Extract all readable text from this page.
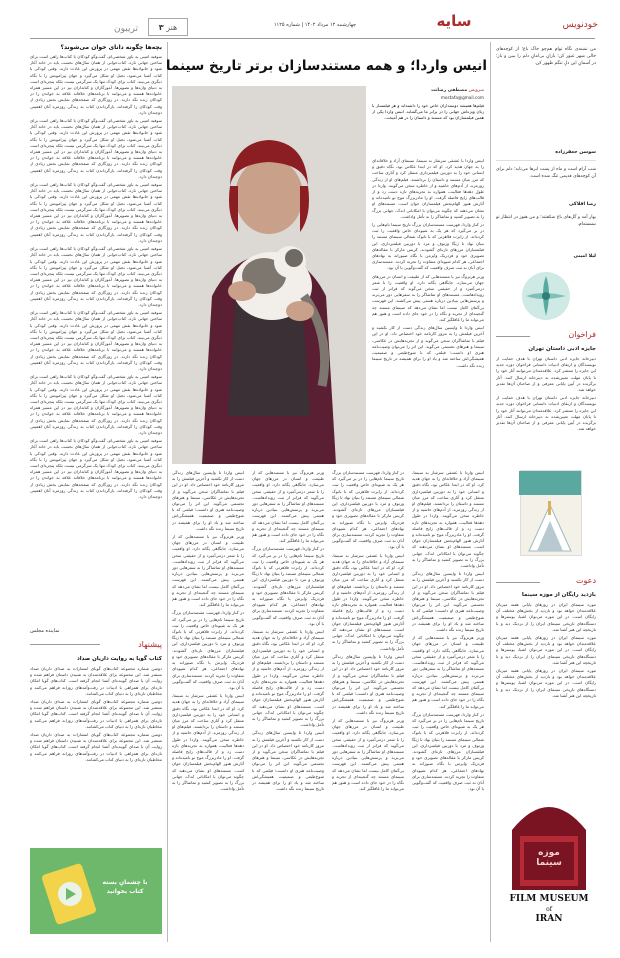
تریبون	هنر ۳	چهارشنبه ۱۲ مرداد ۱۴۰۲ | شماره ۱۱۲۵	سایه	خودنویس
بچه‌ها چگونه دانای خوان می‌شوند؟

سوفیه امینی به باور شخصی‌ام، گفت‌وگو کودکان با کتاب‌ها راهی است برای ساختن جهانی تازه. کتاب‌خوانی از همان سال‌های نخست باید در خانه آغاز شود و خانواده‌ها نقش مهمی در پرورش این عادت دارند. وقتی کودکی با کتاب آشنا می‌شود، تخیل او شکل می‌گیرد و جهان پیرامونش را با نگاه دیگری می‌بیند. کتاب برای کودک تنها یک سرگرمی نیست بلکه پنجره‌ای است به دنیای واژه‌ها و تصویرها. آموزگاران و کتابداران نیز در این مسیر همراه خانواده‌ها هستند و می‌توانند با برنامه‌های خلاقانه علاقه به خواندن را در کودکان زنده نگه دارند. در روزگاری که صفحه‌های نمایش بخش زیادی از وقت کودکان را گرفته‌اند، بازگرداندن کتاب به زندگی روزمره آنان اهمیتی دوچندان دارد.

سوفیه امینی به باور شخصی‌ام، گفت‌وگو کودکان با کتاب‌ها راهی است برای ساختن جهانی تازه. کتاب‌خوانی از همان سال‌های نخست باید در خانه آغاز شود و خانواده‌ها نقش مهمی در پرورش این عادت دارند. وقتی کودکی با کتاب آشنا می‌شود، تخیل او شکل می‌گیرد و جهان پیرامونش را با نگاه دیگری می‌بیند. کتاب برای کودک تنها یک سرگرمی نیست بلکه پنجره‌ای است به دنیای واژه‌ها و تصویرها. آموزگاران و کتابداران نیز در این مسیر همراه خانواده‌ها هستند و می‌توانند با برنامه‌های خلاقانه علاقه به خواندن را در کودکان زنده نگه دارند. در روزگاری که صفحه‌های نمایش بخش زیادی از وقت کودکان را گرفته‌اند، بازگرداندن کتاب به زندگی روزمره آنان اهمیتی دوچندان دارد.

سوفیه امینی به باور شخصی‌ام، گفت‌وگو کودکان با کتاب‌ها راهی است برای ساختن جهانی تازه. کتاب‌خوانی از همان سال‌های نخست باید در خانه آغاز شود و خانواده‌ها نقش مهمی در پرورش این عادت دارند. وقتی کودکی با کتاب آشنا می‌شود، تخیل او شکل می‌گیرد و جهان پیرامونش را با نگاه دیگری می‌بیند. کتاب برای کودک تنها یک سرگرمی نیست بلکه پنجره‌ای است به دنیای واژه‌ها و تصویرها. آموزگاران و کتابداران نیز در این مسیر همراه خانواده‌ها هستند و می‌توانند با برنامه‌های خلاقانه علاقه به خواندن را در کودکان زنده نگه دارند. در روزگاری که صفحه‌های نمایش بخش زیادی از وقت کودکان را گرفته‌اند، بازگرداندن کتاب به زندگی روزمره آنان اهمیتی دوچندان دارد.

سوفیه امینی به باور شخصی‌ام، گفت‌وگو کودکان با کتاب‌ها راهی است برای ساختن جهانی تازه. کتاب‌خوانی از همان سال‌های نخست باید در خانه آغاز شود و خانواده‌ها نقش مهمی در پرورش این عادت دارند. وقتی کودکی با کتاب آشنا می‌شود، تخیل او شکل می‌گیرد و جهان پیرامونش را با نگاه دیگری می‌بیند. کتاب برای کودک تنها یک سرگرمی نیست بلکه پنجره‌ای است به دنیای واژه‌ها و تصویرها. آموزگاران و کتابداران نیز در این مسیر همراه خانواده‌ها هستند و می‌توانند با برنامه‌های خلاقانه علاقه به خواندن را در کودکان زنده نگه دارند. در روزگاری که صفحه‌های نمایش بخش زیادی از وقت کودکان را گرفته‌اند، بازگرداندن کتاب به زندگی روزمره آنان اهمیتی دوچندان دارد.

سوفیه امینی به باور شخصی‌ام، گفت‌وگو کودکان با کتاب‌ها راهی است برای ساختن جهانی تازه. کتاب‌خوانی از همان سال‌های نخست باید در خانه آغاز شود و خانواده‌ها نقش مهمی در پرورش این عادت دارند. وقتی کودکی با کتاب آشنا می‌شود، تخیل او شکل می‌گیرد و جهان پیرامونش را با نگاه دیگری می‌بیند. کتاب برای کودک تنها یک سرگرمی نیست بلکه پنجره‌ای است به دنیای واژه‌ها و تصویرها. آموزگاران و کتابداران نیز در این مسیر همراه خانواده‌ها هستند و می‌توانند با برنامه‌های خلاقانه علاقه به خواندن را در کودکان زنده نگه دارند. در روزگاری که صفحه‌های نمایش بخش زیادی از وقت کودکان را گرفته‌اند، بازگرداندن کتاب به زندگی روزمره آنان اهمیتی دوچندان دارد.

سوفیه امینی به باور شخصی‌ام، گفت‌وگو کودکان با کتاب‌ها راهی است برای ساختن جهانی تازه. کتاب‌خوانی از همان سال‌های نخست باید در خانه آغاز شود و خانواده‌ها نقش مهمی در پرورش این عادت دارند. وقتی کودکی با کتاب آشنا می‌شود، تخیل او شکل می‌گیرد و جهان پیرامونش را با نگاه دیگری می‌بیند. کتاب برای کودک تنها یک سرگرمی نیست بلکه پنجره‌ای است به دنیای واژه‌ها و تصویرها. آموزگاران و کتابداران نیز در این مسیر همراه خانواده‌ها هستند و می‌توانند با برنامه‌های خلاقانه علاقه به خواندن را در کودکان زنده نگه دارند. در روزگاری که صفحه‌های نمایش بخش زیادی از وقت کودکان را گرفته‌اند، بازگرداندن کتاب به زندگی روزمره آنان اهمیتی دوچندان دارد.

سوفیه امینی به باور شخصی‌ام، گفت‌وگو کودکان با کتاب‌ها راهی است برای ساختن جهانی تازه. کتاب‌خوانی از همان سال‌های نخست باید در خانه آغاز شود و خانواده‌ها نقش مهمی در پرورش این عادت دارند. وقتی کودکی با کتاب آشنا می‌شود، تخیل او شکل می‌گیرد و جهان پیرامونش را با نگاه دیگری می‌بیند. کتاب برای کودک تنها یک سرگرمی نیست بلکه پنجره‌ای است به دنیای واژه‌ها و تصویرها. آموزگاران و کتابداران نیز در این مسیر همراه خانواده‌ها هستند و می‌توانند با برنامه‌های خلاقانه علاقه به خواندن را در کودکان زنده نگه دارند. در روزگاری که صفحه‌های نمایش بخش زیادی از وقت کودکان را گرفته‌اند، بازگرداندن کتاب به زندگی روزمره آنان اهمیتی دوچندان دارد.

نماینده مجلس
پیشنهاد
کتاب گویا به روایت داریان صداد

دومین شماره مجموعه کتاب‌های گویای انتشارات به صدای داریان صداد منتشر شد. این مجموعه برای علاقه‌مندان به شنیدن داستان فراهم شده و روایت آن با صدای گوینده‌ای آشنا انجام گرفته است. کتاب‌های گویا امکان تازه‌ای برای همراهی با ادبیات در رفت‌وآمدهای روزانه فراهم می‌کنند و مخاطبان تازه‌ای را به دنیای کتاب می‌کشانند.

دومین شماره مجموعه کتاب‌های گویای انتشارات به صدای داریان صداد منتشر شد. این مجموعه برای علاقه‌مندان به شنیدن داستان فراهم شده و روایت آن با صدای گوینده‌ای آشنا انجام گرفته است. کتاب‌های گویا امکان تازه‌ای برای همراهی با ادبیات در رفت‌وآمدهای روزانه فراهم می‌کنند و مخاطبان تازه‌ای را به دنیای کتاب می‌کشانند.

دومین شماره مجموعه کتاب‌های گویای انتشارات به صدای داریان صداد منتشر شد. این مجموعه برای علاقه‌مندان به شنیدن داستان فراهم شده و روایت آن با صدای گوینده‌ای آشنا انجام گرفته است. کتاب‌های گویا امکان تازه‌ای برای همراهی با ادبیات در رفت‌وآمدهای روزانه فراهم می‌کنند و مخاطبان تازه‌ای را به دنیای کتاب می‌کشانند.

با چشمانِ بسته کتاب بخوانید
انیس واردا؛ و همه مستندسازان برتر تاریخ سینما
سرویس مصطفی رضانت
mostafa@gmail.com

فیلم‌ها همیشه دوستداران خاص خود را داشته‌اند و هر فیلمساز با زبان ویژه‌اش جهانی را در برابر ما می‌گشاید. انیس واردا یکی از همین فیلمسازان بود که مستند و داستان را در هم آمیخت.

انیس واردا با عشقی سرشار به سینما، سینمای آزاد و خلاقانه‌ای را به جهان هدیه کرد. او که در ابتدا عکاس بود، نگاه دقیق و انسانی خود را به دوربین فیلمبرداری منتقل کرد و آثاری ساخت که مرز میان مستند و داستان را برداشتند. فیلم‌های او از زندگی روزمره، از آدم‌های حاشیه و از خاطره سخن می‌گویند. واردا در طول دهه‌ها فعالیت، همواره به تجربه‌های تازه دست زد و از قالب‌های رایج فاصله گرفت. او را مادربزرگ موج نو نامیده‌اند و آثارش هنوز الهام‌بخش فیلمسازان جوان است. مستندهای او نشان می‌دهند که چگونه می‌توان با امکاناتی اندک، جهانی بزرگ را به تصویر کشید و تماشاگر را به تأمل واداشت.

در کنار واردا، فهرست مستندسازان بزرگ تاریخ سینما نام‌هایی را در بر می‌گیرد که هر یک به شیوه‌ای خاص واقعیت را ثبت کرده‌اند. از رابرت فلاهرتی که با نانوک شمالی سینمای مستند را بنیان نهاد تا ژیگا ورتوف و مرد با دوربین فیلمبرداری، این فیلمسازان مرزهای تازه‌ای گشودند. کریس مارکر با مقاله‌های تصویری خود و فردریک وایزمن با نگاه صبورانه به نهادهای اجتماعی، هر کدام شیوه‌ای متفاوت را تجربه کردند. مستندسازی برای آنان نه ثبت صرف واقعیت که گفت‌وگویی با آن بود.

ورنر هرتزوگ نیز با مستندهایی که از طبیعت و انسان در مرزهای جهان می‌سازد، جایگاهی یگانه دارد. او واقعیت را با شعر درمی‌آمیزد و از حقیقتی سخن می‌گوید که فراتر از ثبت رویدادهاست. مستندهای او تماشاگر را به سفرهایی دور می‌برند و پرسش‌هایی بنیادین درباره هستی پیش می‌کشند. این فهرست بی‌گمان کامل نیست اما نشان می‌دهد که سینمای مستند چه گنجینه‌ای از تجربه و نگاه را در خود جای داده است و هنوز هم می‌تواند ما را غافلگیر کند.

انیس واردا تا واپسین سال‌های زندگی دست از کار نکشید و آخرین فیلمش را به مرور کارنامه خود اختصاص داد. او در این فیلم با تماشاگران سخن می‌گوید و از تجربه‌هایش در عکاسی، سینما و هنرهای تجسمی می‌گوید. این اثر را می‌توان وصیت‌نامه هنری او دانست؛ فیلمی که با شوخ‌طبعی و صمیمیت همیشگی‌اش ساخته شد و یاد او را برای همیشه در تاریخ سینما زنده نگه داشت.

انیس واردا تا واپسین سال‌های زندگی دست از کار نکشید و آخرین فیلمش را به مرور کارنامه خود اختصاص داد. او در این فیلم با تماشاگران سخن می‌گوید و از تجربه‌هایش در عکاسی، سینما و هنرهای تجسمی می‌گوید. این اثر را می‌توان وصیت‌نامه هنری او دانست؛ فیلمی که با شوخ‌طبعی و صمیمیت همیشگی‌اش ساخته شد و یاد او را برای همیشه در تاریخ سینما زنده نگه داشت.

ورنر هرتزوگ نیز با مستندهایی که از طبیعت و انسان در مرزهای جهان می‌سازد، جایگاهی یگانه دارد. او واقعیت را با شعر درمی‌آمیزد و از حقیقتی سخن می‌گوید که فراتر از ثبت رویدادهاست. مستندهای او تماشاگر را به سفرهایی دور می‌برند و پرسش‌هایی بنیادین درباره هستی پیش می‌کشند. این فهرست بی‌گمان کامل نیست اما نشان می‌دهد که سینمای مستند چه گنجینه‌ای از تجربه و نگاه را در خود جای داده است و هنوز هم می‌تواند ما را غافلگیر کند.

در کنار واردا، فهرست مستندسازان بزرگ تاریخ سینما نام‌هایی را در بر می‌گیرد که هر یک به شیوه‌ای خاص واقعیت را ثبت کرده‌اند. از رابرت فلاهرتی که با نانوک شمالی سینمای مستند را بنیان نهاد تا ژیگا ورتوف و مرد با دوربین فیلمبرداری، این فیلمسازان مرزهای تازه‌ای گشودند. کریس مارکر با مقاله‌های تصویری خود و فردریک وایزمن با نگاه صبورانه به نهادهای اجتماعی، هر کدام شیوه‌ای متفاوت را تجربه کردند. مستندسازی برای آنان نه ثبت صرف واقعیت که گفت‌وگویی با آن بود.

انیس واردا با عشقی سرشار به سینما، سینمای آزاد و خلاقانه‌ای را به جهان هدیه کرد. او که در ابتدا عکاس بود، نگاه دقیق و انسانی خود را به دوربین فیلمبرداری منتقل کرد و آثاری ساخت که مرز میان مستند و داستان را برداشتند. فیلم‌های او از زندگی روزمره، از آدم‌های حاشیه و از خاطره سخن می‌گویند. واردا در طول دهه‌ها فعالیت، همواره به تجربه‌های تازه دست زد و از قالب‌های رایج فاصله گرفت. او را مادربزرگ موج نو نامیده‌اند و آثارش هنوز الهام‌بخش فیلمسازان جوان است. مستندهای او نشان می‌دهند که چگونه می‌توان با امکاناتی اندک، جهانی بزرگ را به تصویر کشید و تماشاگر را به تأمل واداشت.

ورنر هرتزوگ نیز با مستندهایی که از طبیعت و انسان در مرزهای جهان می‌سازد، جایگاهی یگانه دارد. او واقعیت را با شعر درمی‌آمیزد و از حقیقتی سخن می‌گوید که فراتر از ثبت رویدادهاست. مستندهای او تماشاگر را به سفرهایی دور می‌برند و پرسش‌هایی بنیادین درباره هستی پیش می‌کشند. این فهرست بی‌گمان کامل نیست اما نشان می‌دهد که سینمای مستند چه گنجینه‌ای از تجربه و نگاه را در خود جای داده است و هنوز هم می‌تواند ما را غافلگیر کند.

در کنار واردا، فهرست مستندسازان بزرگ تاریخ سینما نام‌هایی را در بر می‌گیرد که هر یک به شیوه‌ای خاص واقعیت را ثبت کرده‌اند. از رابرت فلاهرتی که با نانوک شمالی سینمای مستند را بنیان نهاد تا ژیگا ورتوف و مرد با دوربین فیلمبرداری، این فیلمسازان مرزهای تازه‌ای گشودند. کریس مارکر با مقاله‌های تصویری خود و فردریک وایزمن با نگاه صبورانه به نهادهای اجتماعی، هر کدام شیوه‌ای متفاوت را تجربه کردند. مستندسازی برای آنان نه ثبت صرف واقعیت که گفت‌وگویی با آن بود.

انیس واردا با عشقی سرشار به سینما، سینمای آزاد و خلاقانه‌ای را به جهان هدیه کرد. او که در ابتدا عکاس بود، نگاه دقیق و انسانی خود را به دوربین فیلمبرداری منتقل کرد و آثاری ساخت که مرز میان مستند و داستان را برداشتند. فیلم‌های او از زندگی روزمره، از آدم‌های حاشیه و از خاطره سخن می‌گویند. واردا در طول دهه‌ها فعالیت، همواره به تجربه‌های تازه دست زد و از قالب‌های رایج فاصله گرفت. او را مادربزرگ موج نو نامیده‌اند و آثارش هنوز الهام‌بخش فیلمسازان جوان است. مستندهای او نشان می‌دهند که چگونه می‌توان با امکاناتی اندک، جهانی بزرگ را به تصویر کشید و تماشاگر را به تأمل واداشت.

انیس واردا تا واپسین سال‌های زندگی دست از کار نکشید و آخرین فیلمش را به مرور کارنامه خود اختصاص داد. او در این فیلم با تماشاگران سخن می‌گوید و از تجربه‌هایش در عکاسی، سینما و هنرهای تجسمی می‌گوید. این اثر را می‌توان وصیت‌نامه هنری او دانست؛ فیلمی که با شوخ‌طبعی و صمیمیت همیشگی‌اش ساخته شد و یاد او را برای همیشه در تاریخ سینما زنده نگه داشت.

در کنار واردا، فهرست مستندسازان بزرگ تاریخ سینما نام‌هایی را در بر می‌گیرد که هر یک به شیوه‌ای خاص واقعیت را ثبت کرده‌اند. از رابرت فلاهرتی که با نانوک شمالی سینمای مستند را بنیان نهاد تا ژیگا ورتوف و مرد با دوربین فیلمبرداری، این فیلمسازان مرزهای تازه‌ای گشودند. کریس مارکر با مقاله‌های تصویری خود و فردریک وایزمن با نگاه صبورانه به نهادهای اجتماعی، هر کدام شیوه‌ای متفاوت را تجربه کردند. مستندسازی برای آنان نه ثبت صرف واقعیت که گفت‌وگویی با آن بود.

انیس واردا با عشقی سرشار به سینما، سینمای آزاد و خلاقانه‌ای را به جهان هدیه کرد. او که در ابتدا عکاس بود، نگاه دقیق و انسانی خود را به دوربین فیلمبرداری منتقل کرد و آثاری ساخت که مرز میان مستند و داستان را برداشتند. فیلم‌های او از زندگی روزمره، از آدم‌های حاشیه و از خاطره سخن می‌گویند. واردا در طول دهه‌ها فعالیت، همواره به تجربه‌های تازه دست زد و از قالب‌های رایج فاصله گرفت. او را مادربزرگ موج نو نامیده‌اند و آثارش هنوز الهام‌بخش فیلمسازان جوان است. مستندهای او نشان می‌دهند که چگونه می‌توان با امکاناتی اندک، جهانی بزرگ را به تصویر کشید و تماشاگر را به تأمل واداشت.

انیس واردا تا واپسین سال‌های زندگی دست از کار نکشید و آخرین فیلمش را به مرور کارنامه خود اختصاص داد. او در این فیلم با تماشاگران سخن می‌گوید و از تجربه‌هایش در عکاسی، سینما و هنرهای تجسمی می‌گوید. این اثر را می‌توان وصیت‌نامه هنری او دانست؛ فیلمی که با شوخ‌طبعی و صمیمیت همیشگی‌اش ساخته شد و یاد او را برای همیشه در تاریخ سینما زنده نگه داشت.

ورنر هرتزوگ نیز با مستندهایی که از طبیعت و انسان در مرزهای جهان می‌سازد، جایگاهی یگانه دارد. او واقعیت را با شعر درمی‌آمیزد و از حقیقتی سخن می‌گوید که فراتر از ثبت رویدادهاست. مستندهای او تماشاگر را به سفرهایی دور می‌برند و پرسش‌هایی بنیادین درباره هستی پیش می‌کشند. این فهرست بی‌گمان کامل نیست اما نشان می‌دهد که سینمای مستند چه گنجینه‌ای از تجربه و نگاه را در خود جای داده است و هنوز هم می‌تواند ما را غافلگیر کند.

انیس واردا با عشقی سرشار به سینما، سینمای آزاد و خلاقانه‌ای را به جهان هدیه کرد. او که در ابتدا عکاس بود، نگاه دقیق و انسانی خود را به دوربین فیلمبرداری منتقل کرد و آثاری ساخت که مرز میان مستند و داستان را برداشتند. فیلم‌های او از زندگی روزمره، از آدم‌های حاشیه و از خاطره سخن می‌گویند. واردا در طول دهه‌ها فعالیت، همواره به تجربه‌های تازه دست زد و از قالب‌های رایج فاصله گرفت. او را مادربزرگ موج نو نامیده‌اند و آثارش هنوز الهام‌بخش فیلمسازان جوان است. مستندهای او نشان می‌دهند که چگونه می‌توان با امکاناتی اندک، جهانی بزرگ را به تصویر کشید و تماشاگر را به تأمل واداشت.

انیس واردا تا واپسین سال‌های زندگی دست از کار نکشید و آخرین فیلمش را به مرور کارنامه خود اختصاص داد. او در این فیلم با تماشاگران سخن می‌گوید و از تجربه‌هایش در عکاسی، سینما و هنرهای تجسمی می‌گوید. این اثر را می‌توان وصیت‌نامه هنری او دانست؛ فیلمی که با شوخ‌طبعی و صمیمیت همیشگی‌اش ساخته شد و یاد او را برای همیشه در تاریخ سینما زنده نگه داشت.

ورنر هرتزوگ نیز با مستندهایی که از طبیعت و انسان در مرزهای جهان می‌سازد، جایگاهی یگانه دارد. او واقعیت را با شعر درمی‌آمیزد و از حقیقتی سخن می‌گوید که فراتر از ثبت رویدادهاست. مستندهای او تماشاگر را به سفرهایی دور می‌برند و پرسش‌هایی بنیادین درباره هستی پیش می‌کشند. این فهرست بی‌گمان کامل نیست اما نشان می‌دهد که سینمای مستند چه گنجینه‌ای از تجربه و نگاه را در خود جای داده است و هنوز هم می‌تواند ما را غافلگیر کند.

در کنار واردا، فهرست مستندسازان بزرگ تاریخ سینما نام‌هایی را در بر می‌گیرد که هر یک به شیوه‌ای خاص واقعیت را ثبت کرده‌اند. از رابرت فلاهرتی که با نانوک شمالی سینمای مستند را بنیان نهاد تا ژیگا ورتوف و مرد با دوربین فیلمبرداری، این فیلمسازان مرزهای تازه‌ای گشودند. کریس مارکر با مقاله‌های تصویری خود و فردریک وایزمن با نگاه صبورانه به نهادهای اجتماعی، هر کدام شیوه‌ای متفاوت را تجربه کردند. مستندسازی برای آنان نه ثبت صرف واقعیت که گفت‌وگویی با آن بود.

من تشنه‌ی نگاه توام هم‌چو خاک باغ؛ از کوچه‌های خالی شهر عبور کن؛ بارانِ بی‌امانِ دلم را ببین و باز؛ در آسمانِ این دلِ تنگم ظهور کن.

سوسن جعفرزاده

شب آرام است و ماه از پشت ابرها می‌تابد؛ دلم برای آن کوچه‌های قدیمی تنگ شده است.

رضا افلاکی

بهار آمد و گل‌های باغ شکفتند؛ و من هنوز در انتظار تو نشسته‌ام.

لیلا امینی
فراخوان
جایزه ادبی داستان تهران

دبیرخانه جایزه ادبی داستان تهران با هدف حمایت از نویسندگان و ارتقای ادبیات داستانی فراخوان دوره جدید این جایزه را منتشر کرد. علاقه‌مندان می‌توانند آثار خود را تا پایان مهلت تعیین‌شده به دبیرخانه ارسال کنند. آثار برگزیده در آیین پایانی معرفی و از صاحبان آن‌ها تقدیر خواهد شد.

دبیرخانه جایزه ادبی داستان تهران با هدف حمایت از نویسندگان و ارتقای ادبیات داستانی فراخوان دوره جدید این جایزه را منتشر کرد. علاقه‌مندان می‌توانند آثار خود را تا پایان مهلت تعیین‌شده به دبیرخانه ارسال کنند. آثار برگزیده در آیین پایانی معرفی و از صاحبان آن‌ها تقدیر خواهد شد.

دعوت
بازدید رایگان از موزه سینما

موزه سینمای ایران در روزهای پایانی هفته میزبان علاقه‌مندان خواهد بود و بازدید از بخش‌های مختلف آن رایگان است. در این موزه می‌توان اشیا، پوسترها و دستگاه‌های تاریخی سینمای ایران را از نزدیک دید و با تاریخچه این هنر آشنا شد.

موزه سینمای ایران در روزهای پایانی هفته میزبان علاقه‌مندان خواهد بود و بازدید از بخش‌های مختلف آن رایگان است. در این موزه می‌توان اشیا، پوسترها و دستگاه‌های تاریخی سینمای ایران را از نزدیک دید و با تاریخچه این هنر آشنا شد.

موزه سینمای ایران در روزهای پایانی هفته میزبان علاقه‌مندان خواهد بود و بازدید از بخش‌های مختلف آن رایگان است. در این موزه می‌توان اشیا، پوسترها و دستگاه‌های تاریخی سینمای ایران را از نزدیک دید و با تاریخچه این هنر آشنا شد.

موزه سینما
FILM MUSEUM
of
IRAN
